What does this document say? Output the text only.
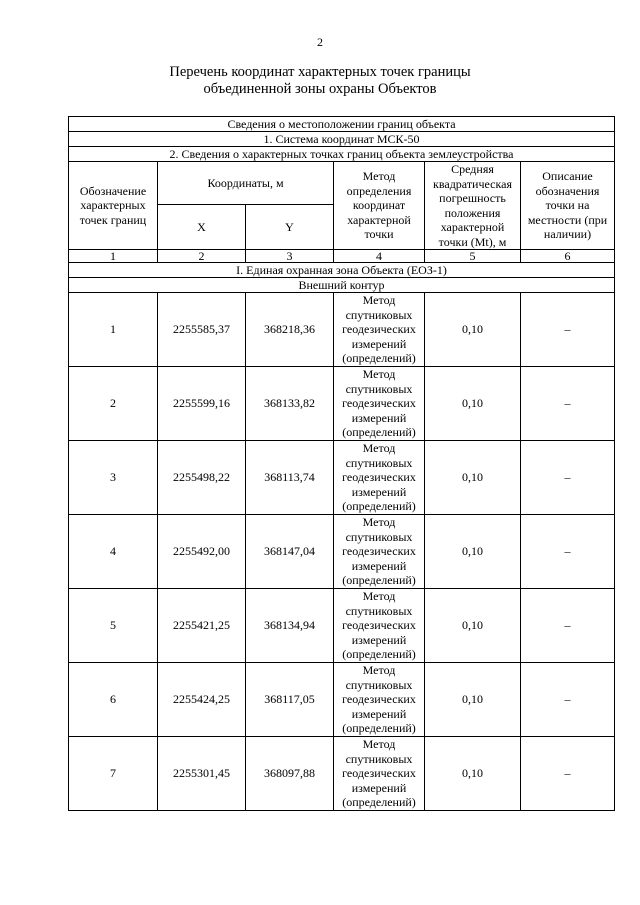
2
Перечень координат характерных точек границы
объединенной зоны охраны Объектов
Сведения о местоположении границ объекта					
1. Система координат МСК-50					
2. Сведения о характерных точках границ объекта землеустройства					
Обозначение характерных точек границ	Координаты, м		Метод определения координат характерной точки	Средняя квадратическая погрешность положения характерной точки (Mt), м	Описание обозначения точки на местности (при наличии)
	X	Y			
1	2	3	4	5	6
I. Единая охранная зона Объекта (ЕОЗ-1)					
Внешний контур					
1	2255585,37	368218,36	Метод спутниковых геодезических измерений (определений)	0,10	–
2	2255599,16	368133,82	Метод спутниковых геодезических измерений (определений)	0,10	–
3	2255498,22	368113,74	Метод спутниковых геодезических измерений (определений)	0,10	–
4	2255492,00	368147,04	Метод спутниковых геодезических измерений (определений)	0,10	–
5	2255421,25	368134,94	Метод спутниковых геодезических измерений (определений)	0,10	–
6	2255424,25	368117,05	Метод спутниковых геодезических измерений (определений)	0,10	–
7	2255301,45	368097,88	Метод спутниковых геодезических измерений (определений)	0,10	–
